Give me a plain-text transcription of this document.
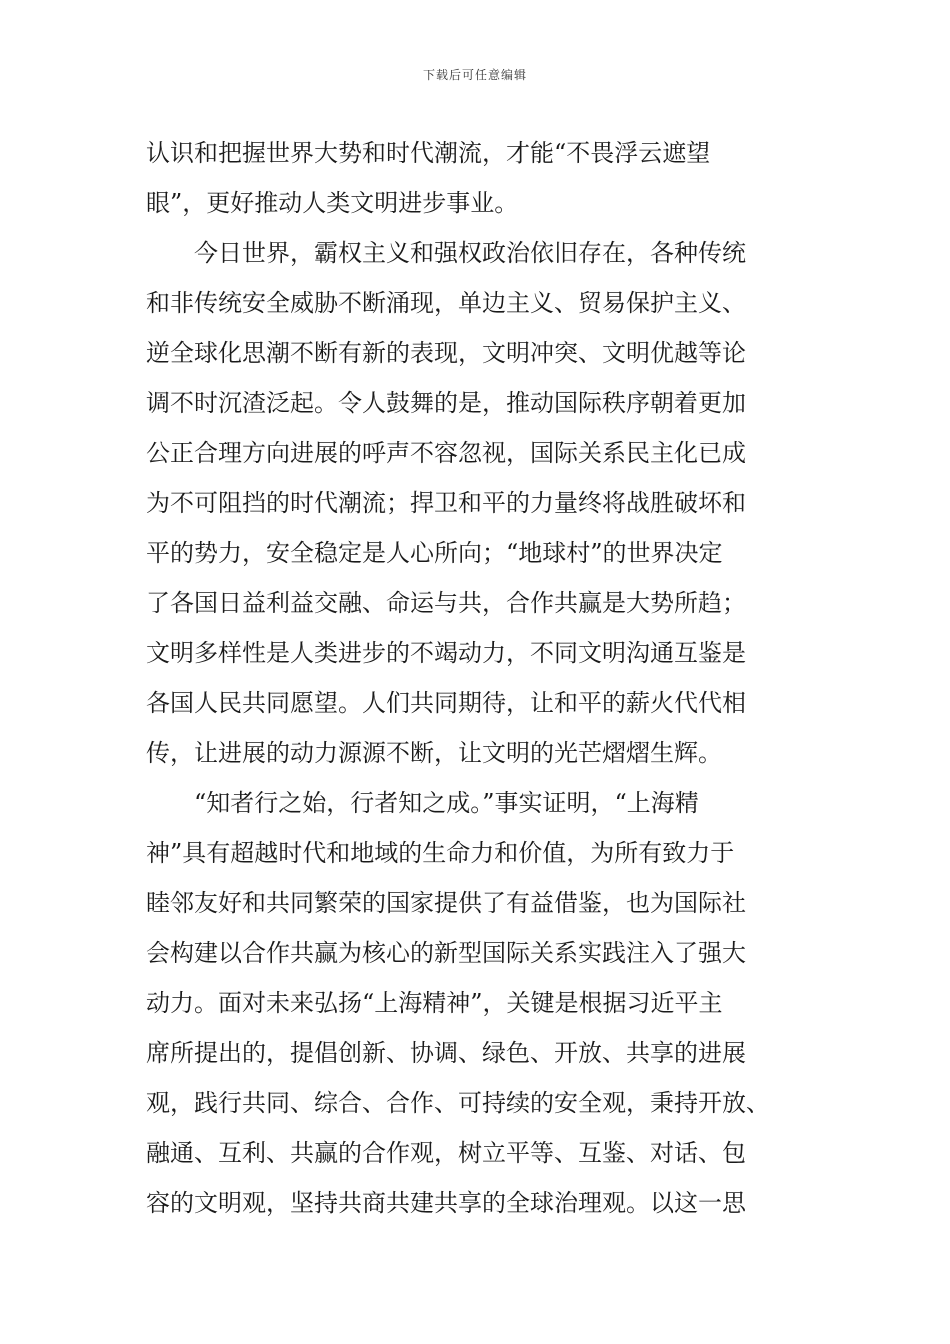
下载后可任意编辑
认识和把握世界大势和时代潮流，才能“不畏浮云遮望
眼”，更好推动人类文明进步事业。
今日世界，霸权主义和强权政治依旧存在，各种传统
和非传统安全威胁不断涌现，单边主义、贸易保护主义、
逆全球化思潮不断有新的表现，文明冲突、文明优越等论
调不时沉渣泛起。令人鼓舞的是，推动国际秩序朝着更加
公正合理方向进展的呼声不容忽视，国际关系民主化已成
为不可阻挡的时代潮流；捍卫和平的力量终将战胜破坏和
平的势力，安全稳定是人心所向；“地球村”的世界决定
了各国日益利益交融、命运与共，合作共赢是大势所趋；
文明多样性是人类进步的不竭动力，不同文明沟通互鉴是
各国人民共同愿望。人们共同期待，让和平的薪火代代相
传，让进展的动力源源不断，让文明的光芒熠熠生辉。
“知者行之始，行者知之成。”事实证明，“上海精
神”具有超越时代和地域的生命力和价值，为所有致力于
睦邻友好和共同繁荣的国家提供了有益借鉴，也为国际社
会构建以合作共赢为核心的新型国际关系实践注入了强大
动力。面对未来弘扬“上海精神”，关键是根据习近平主
席所提出的，提倡创新、协调、绿色、开放、共享的进展
观，践行共同、综合、合作、可持续的安全观，秉持开放、
融通、互利、共赢的合作观，树立平等、互鉴、对话、包
容的文明观，坚持共商共建共享的全球治理观。以这一思
